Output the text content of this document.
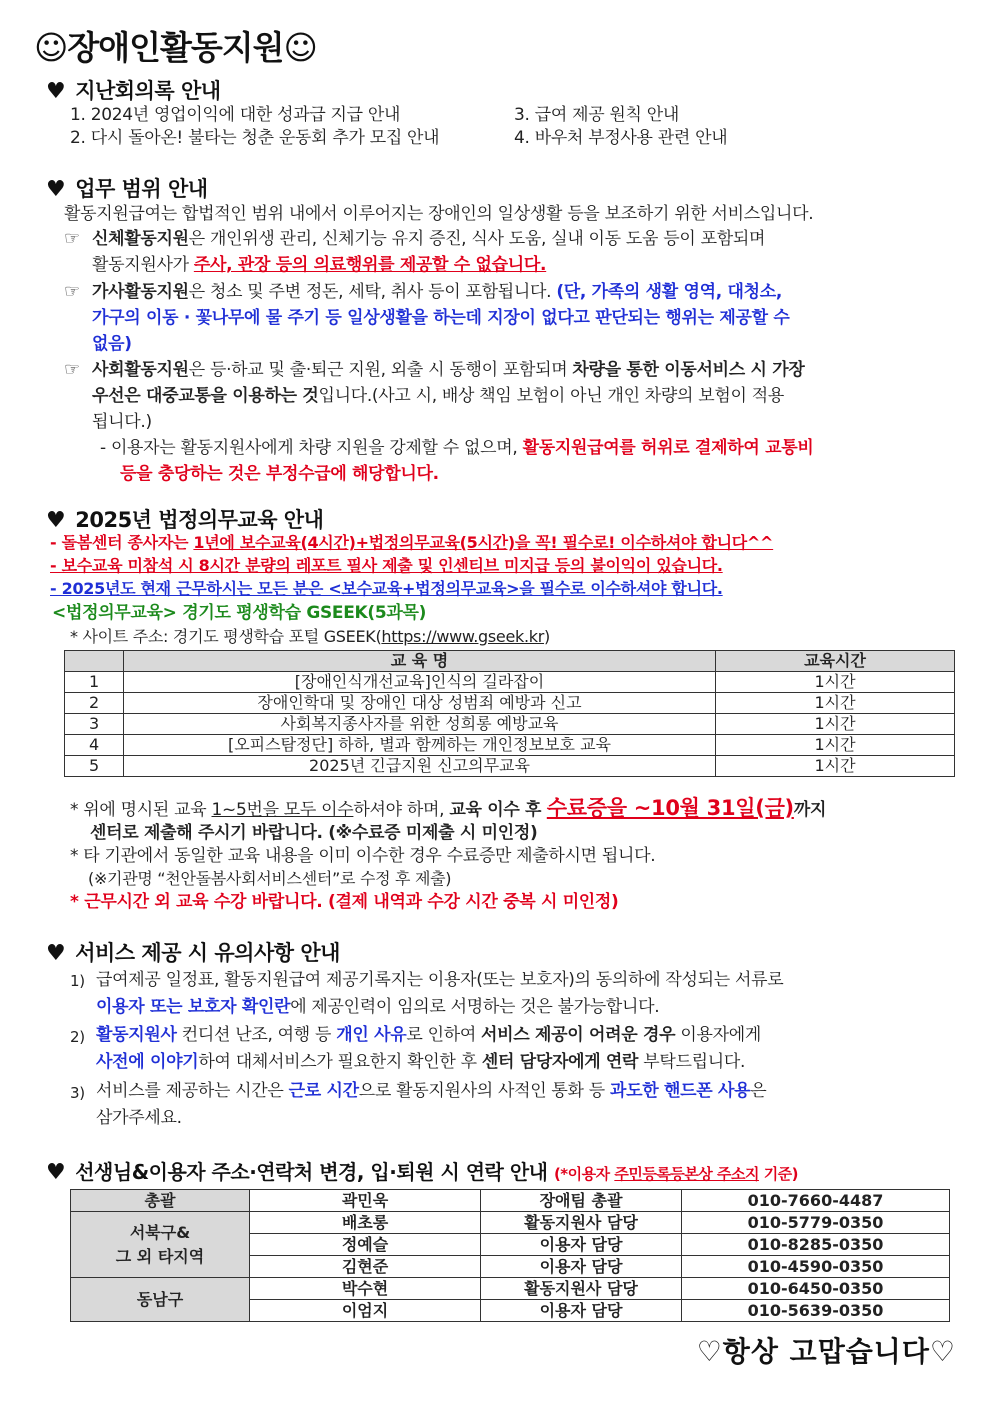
☺장애인활동지원☺
♥ 지난회의록 안내
1. 2024년 영업이익에 대한 성과급 지급 안내	3. 급여 제공 원칙 안내
2. 다시 돌아온! 불타는 청춘 운동회 추가 모집 안내	4. 바우처 부정사용 관련 안내
♥ 업무 범위 안내
활동지원급여는 합법적인 범위 내에서 이루어지는 장애인의 일상생활 등을 보조하기 위한 서비스입니다.
☞ 신체활동지원은 개인위생 관리, 신체기능 유지 증진, 식사 도움, 실내 이동 도움 등이 포함되며
활동지원사가 주사, 관장 등의 의료행위를 제공할 수 없습니다.
☞ 가사활동지원은 청소 및 주변 정돈, 세탁, 취사 등이 포함됩니다. (단, 가족의 생활 영역, 대청소,
가구의 이동 · 꽃나무에 물 주기 등 일상생활을 하는데 지장이 없다고 판단되는 행위는 제공할 수
없음)
☞ 사회활동지원은 등·하교 및 출·퇴근 지원, 외출 시 동행이 포함되며 차량을 통한 이동서비스 시 가장
우선은 대중교통을 이용하는 것입니다.(사고 시, 배상 책임 보험이 아닌 개인 차량의 보험이 적용
됩니다.)
- 이용자는 활동지원사에게 차량 지원을 강제할 수 없으며, 활동지원급여를 허위로 결제하여 교통비
등을 충당하는 것은 부정수급에 해당합니다.
♥ 2025년 법정의무교육 안내
- 돌봄센터 종사자는 1년에 보수교육(4시간)+법정의무교육(5시간)을 꼭! 필수로! 이수하셔야 합니다^^
- 보수교육 미참석 시 8시간 분량의 레포트 필사 제출 및 인센티브 미지급 등의 불이익이 있습니다.
- 2025년도 현재 근무하시는 모든 분은 <보수교육+법정의무교육>을 필수로 이수하셔야 합니다.
<법정의무교육> 경기도 평생학습 GSEEK(5과목)
* 사이트 주소: 경기도 평생학습 포털 GSEEK(https://www.gseek.kr)
	교 육 명	교육시간
1	[장애인식개선교육]인식의 길라잡이	1시간
2	장애인학대 및 장애인 대상 성범죄 예방과 신고	1시간
3	사회복지종사자를 위한 성희롱 예방교육	1시간
4	[오피스탐정단] 하하, 별과 함께하는 개인정보보호 교육	1시간
5	2025년 긴급지원 신고의무교육	1시간
* 위에 명시된 교육 1~5번을 모두 이수하셔야 하며, 교육 이수 후 수료증을 ~10월 31일(금)까지
센터로 제출해 주시기 바랍니다. (※수료증 미제출 시 미인정)
* 타 기관에서 동일한 교육 내용을 이미 이수한 경우 수료증만 제출하시면 됩니다.
(※기관명 “천안돌봄사회서비스센터”로 수정 후 제출)
* 근무시간 외 교육 수강 바랍니다. (결제 내역과 수강 시간 중복 시 미인정)
♥ 서비스 제공 시 유의사항 안내
1) 급여제공 일정표, 활동지원급여 제공기록지는 이용자(또는 보호자)의 동의하에 작성되는 서류로
이용자 또는 보호자 확인란에 제공인력이 임의로 서명하는 것은 불가능합니다.
2) 활동지원사 컨디션 난조, 여행 등 개인 사유로 인하여 서비스 제공이 어려운 경우 이용자에게
사전에 이야기하여 대체서비스가 필요한지 확인한 후 센터 담당자에게 연락 부탁드립니다.
3) 서비스를 제공하는 시간은 근로 시간으로 활동지원사의 사적인 통화 등 과도한 핸드폰 사용은
삼가주세요.
♥ 선생님&이용자 주소·연락처 변경, 입·퇴원 시 연락 안내 (*이용자 주민등록등본상 주소지 기준)
총괄	곽민욱	장애팀 총괄	010-7660-4487
서북구&
그 외 타지역	배초롱	활동지원사 담당	010-5779-0350
	정예슬	이용자 담당	010-8285-0350
	김현준	이용자 담당	010-4590-0350
동남구	박수현	활동지원사 담당	010-6450-0350
	이엄지	이용자 담당	010-5639-0350
♡항상 고맙습니다♡
